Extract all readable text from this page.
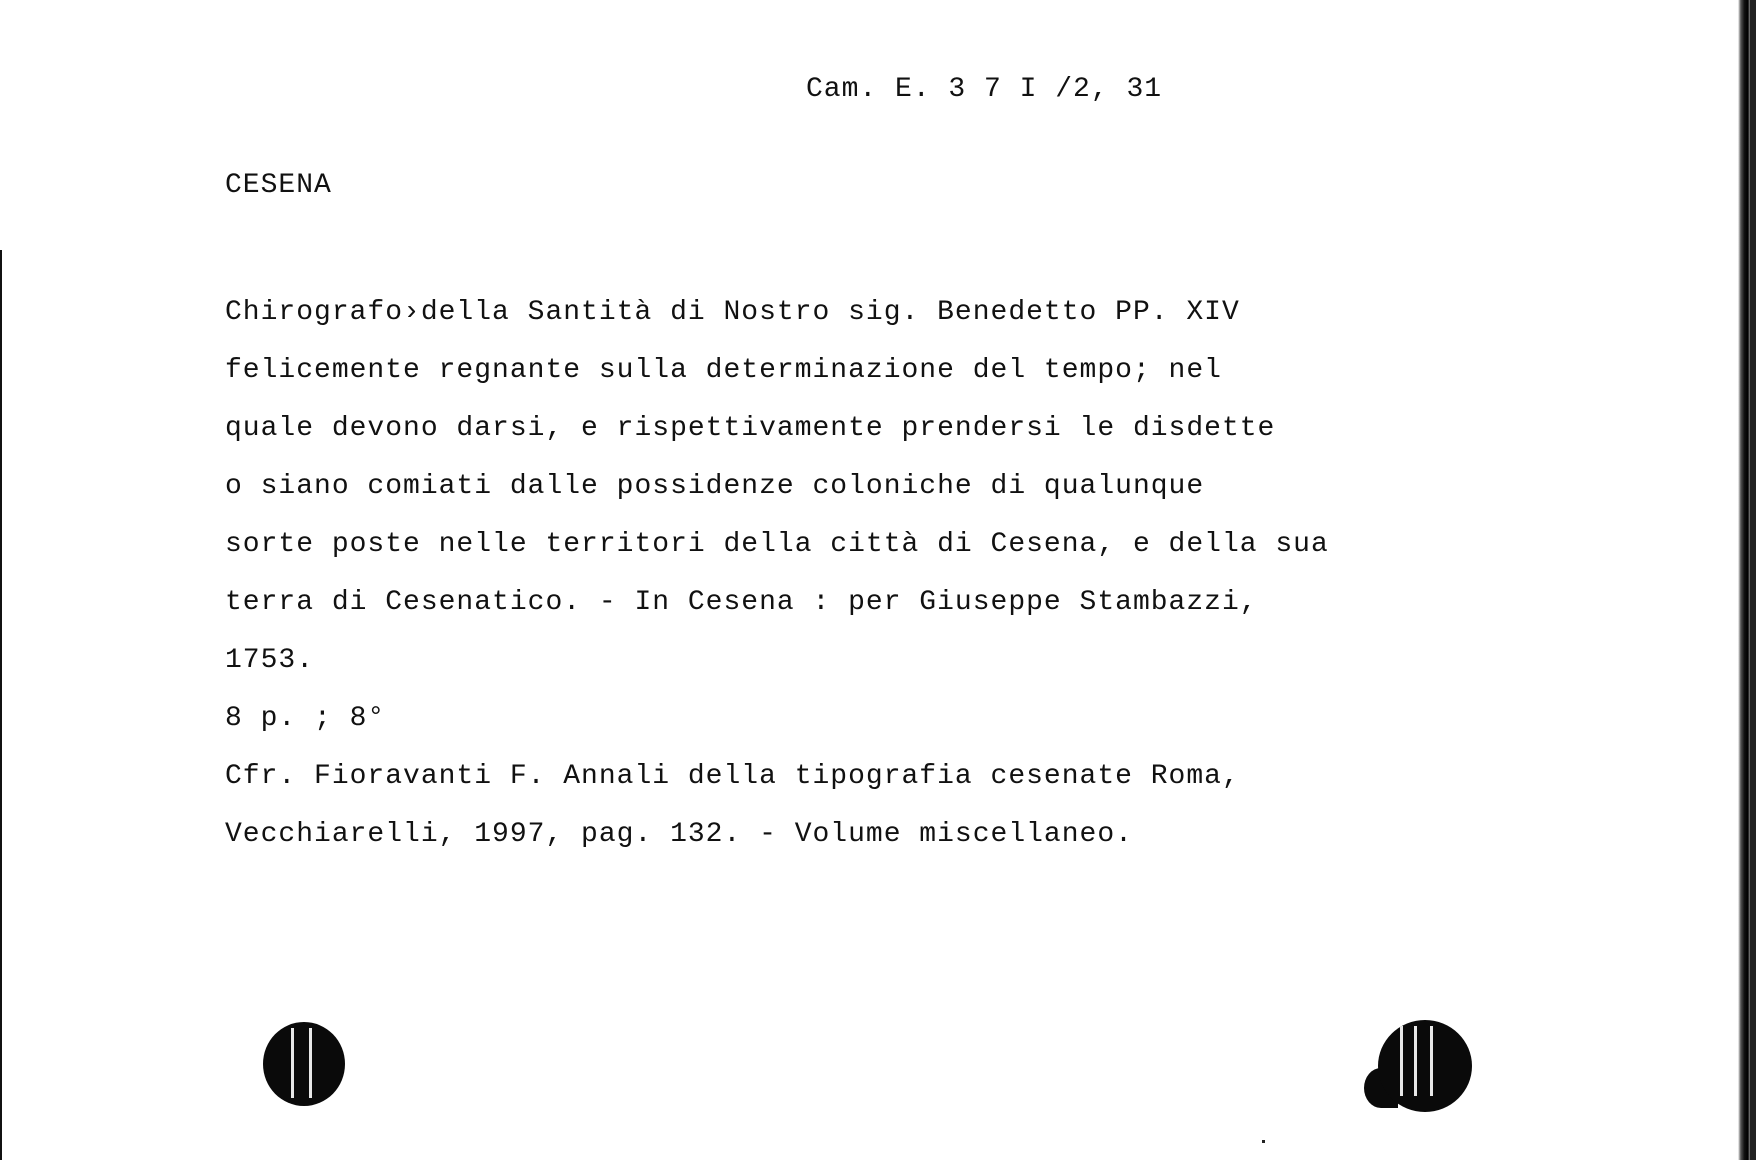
Cam. E. 3 7 I /2, 31
CESENA
Chirografo›della Santità di Nostro sig. Benedetto PP. XIV
felicemente regnante sulla determinazione del tempo; nel
quale devono darsi, e rispettivamente prendersi le disdette
o siano comiati dalle possidenze coloniche di qualunque
sorte poste nelle territori della città di Cesena, e della sua
terra di Cesenatico. - In Cesena : per Giuseppe Stambazzi,
1753.
8 p. ; 8°
Cfr. Fioravanti F. Annali della tipografia cesenate Roma,
Vecchiarelli, 1997, pag. 132. - Volume miscellaneo.
